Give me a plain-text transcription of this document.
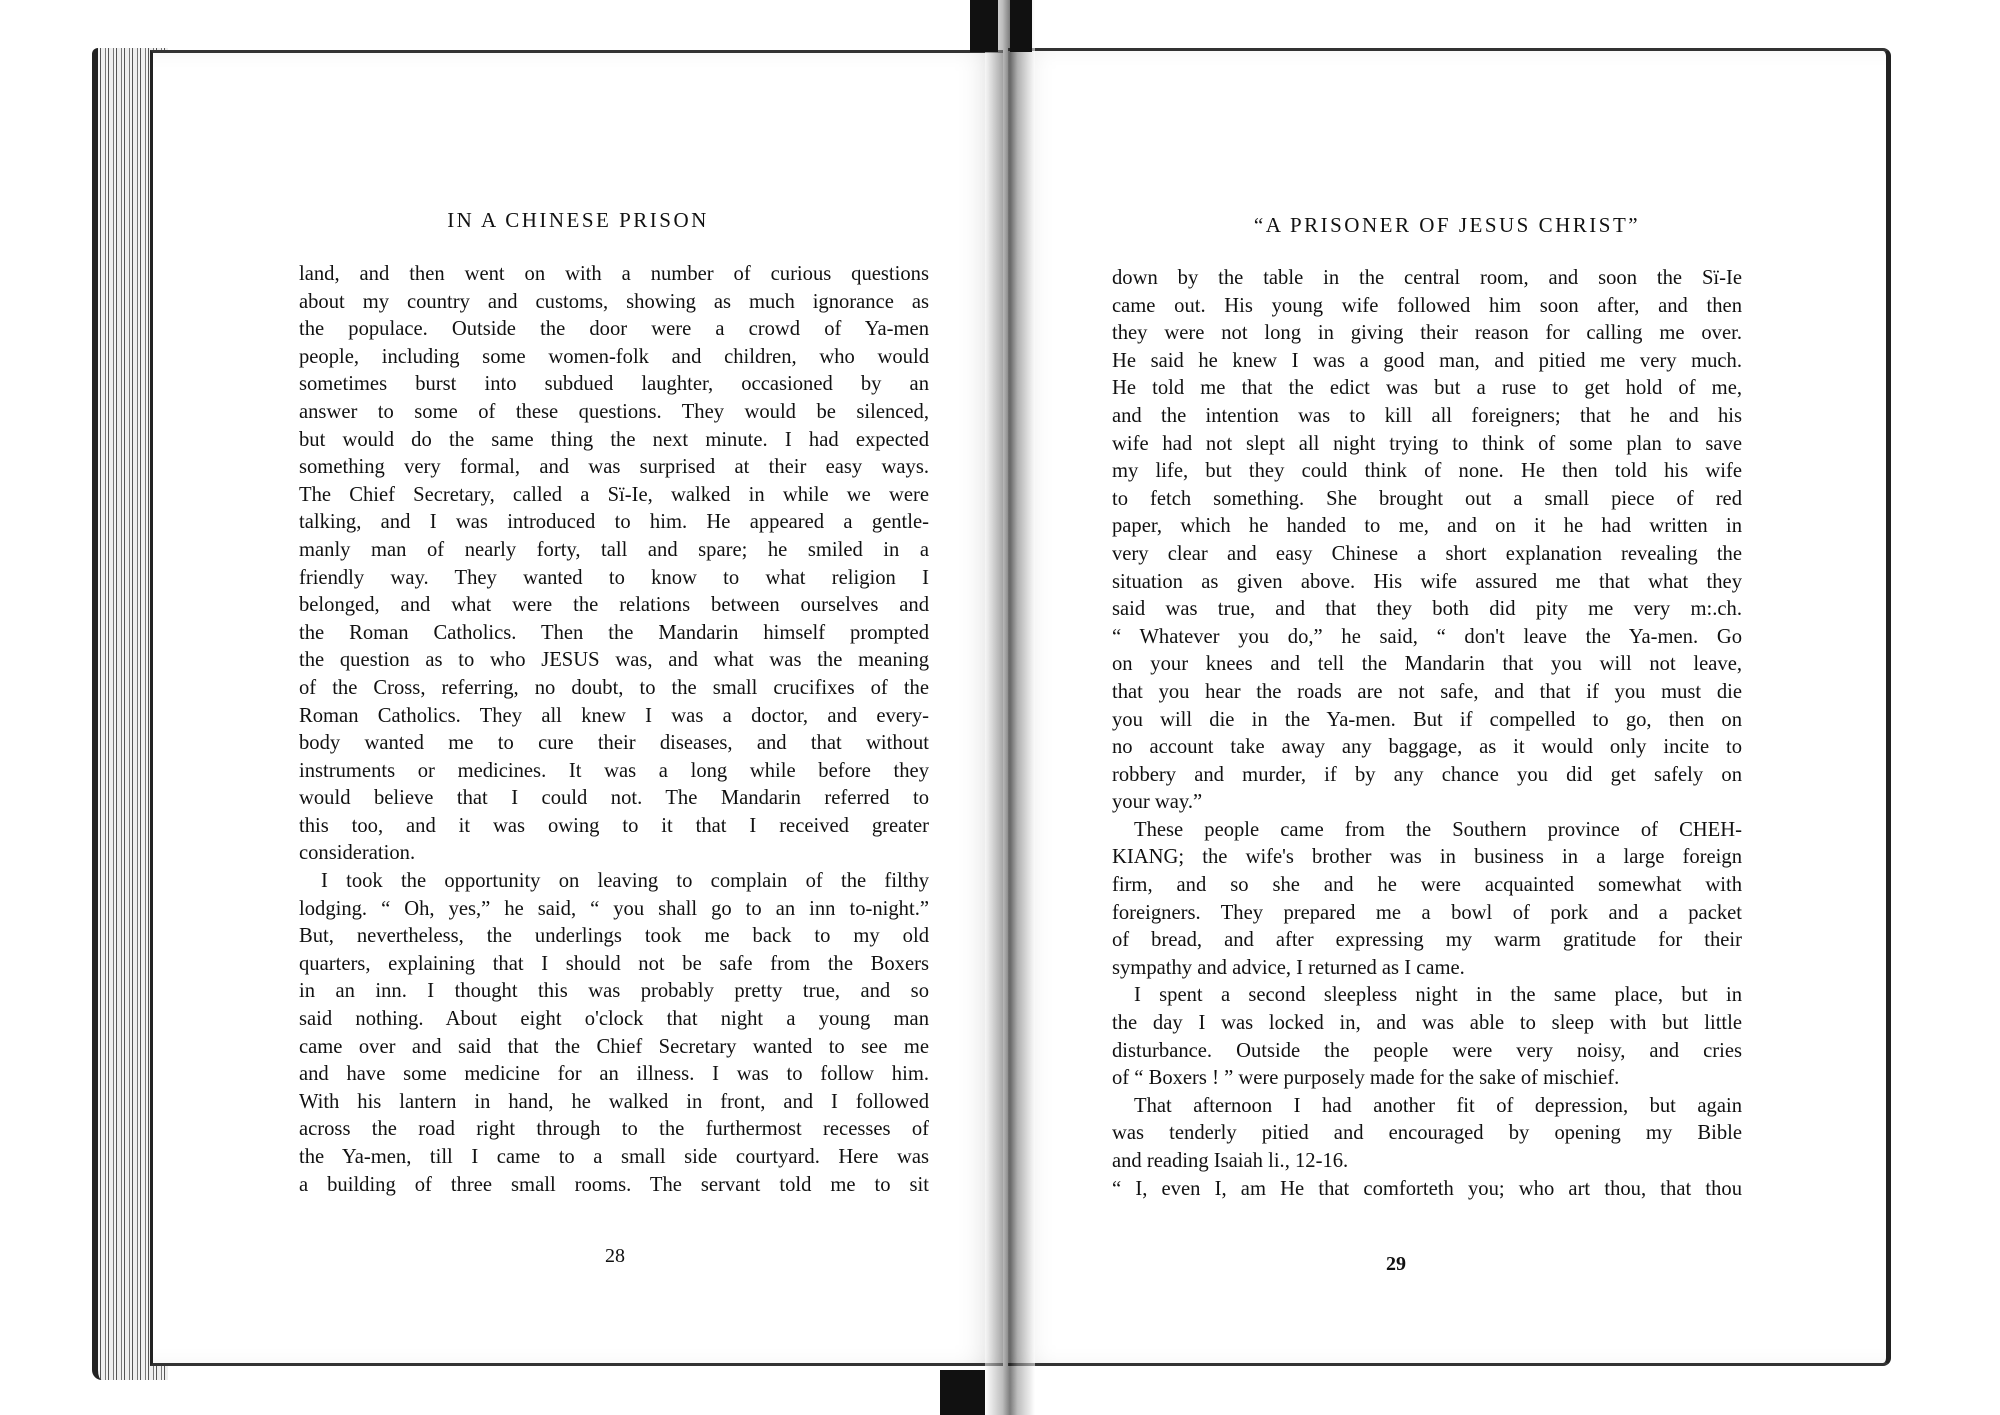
IN A CHINESE PRISON
land, and then went on with a number of curious questions
about my country and customs, showing as much ignorance as
the populace. Outside the door were a crowd of Ya-men
people, including some women-folk and children, who would
sometimes burst into subdued laughter, occasioned by an
answer to some of these questions. They would be silenced,
but would do the same thing the next minute. I had expected
something very formal, and was surprised at their easy ways.
The Chief Secretary, called a Sï-Ie, walked in while we were
talking, and I was introduced to him. He appeared a gentle-
manly man of nearly forty, tall and spare; he smiled in a
friendly way. They wanted to know to what religion I
belonged, and what were the relations between ourselves and
the Roman Catholics. Then the Mandarin himself prompted
the question as to who JESUS was, and what was the meaning
of the Cross, referring, no doubt, to the small crucifixes of the
Roman Catholics. They all knew I was a doctor, and every-
body wanted me to cure their diseases, and that without
instruments or medicines. It was a long while before they
would believe that I could not. The Mandarin referred to
this too, and it was owing to it that I received greater
consideration.
I took the opportunity on leaving to complain of the filthy
lodging. “ Oh, yes,” he said, “ you shall go to an inn to-night.”
But, nevertheless, the underlings took me back to my old
quarters, explaining that I should not be safe from the Boxers
in an inn. I thought this was probably pretty true, and so
said nothing. About eight o'clock that night a young man
came over and said that the Chief Secretary wanted to see me
and have some medicine for an illness. I was to follow him.
With his lantern in hand, he walked in front, and I followed
across the road right through to the furthermost recesses of
the Ya-men, till I came to a small side courtyard. Here was
a building of three small rooms. The servant told me to sit
28
“A PRISONER OF JESUS CHRIST”
down by the table in the central room, and soon the Sï-Ie
came out. His young wife followed him soon after, and then
they were not long in giving their reason for calling me over.
He said he knew I was a good man, and pitied me very much.
He told me that the edict was but a ruse to get hold of me,
and the intention was to kill all foreigners; that he and his
wife had not slept all night trying to think of some plan to save
my life, but they could think of none. He then told his wife
to fetch something. She brought out a small piece of red
paper, which he handed to me, and on it he had written in
very clear and easy Chinese a short explanation revealing the
situation as given above. His wife assured me that what they
said was true, and that they both did pity me very m:.ch.
“ Whatever you do,” he said, “ don't leave the Ya-men. Go
on your knees and tell the Mandarin that you will not leave,
that you hear the roads are not safe, and that if you must die
you will die in the Ya-men. But if compelled to go, then on
no account take away any baggage, as it would only incite to
robbery and murder, if by any chance you did get safely on
your way.”
These people came from the Southern province of CHEH-
KIANG; the wife's brother was in business in a large foreign
firm, and so she and he were acquainted somewhat with
foreigners. They prepared me a bowl of pork and a packet
of bread, and after expressing my warm gratitude for their
sympathy and advice, I returned as I came.
I spent a second sleepless night in the same place, but in
the day I was locked in, and was able to sleep with but little
disturbance. Outside the people were very noisy, and cries
of “ Boxers ! ” were purposely made for the sake of mischief.
That afternoon I had another fit of depression, but again
was tenderly pitied and encouraged by opening my Bible
and reading Isaiah li., 12-16.
“ I, even I, am He that comforteth you; who art thou, that thou
29
